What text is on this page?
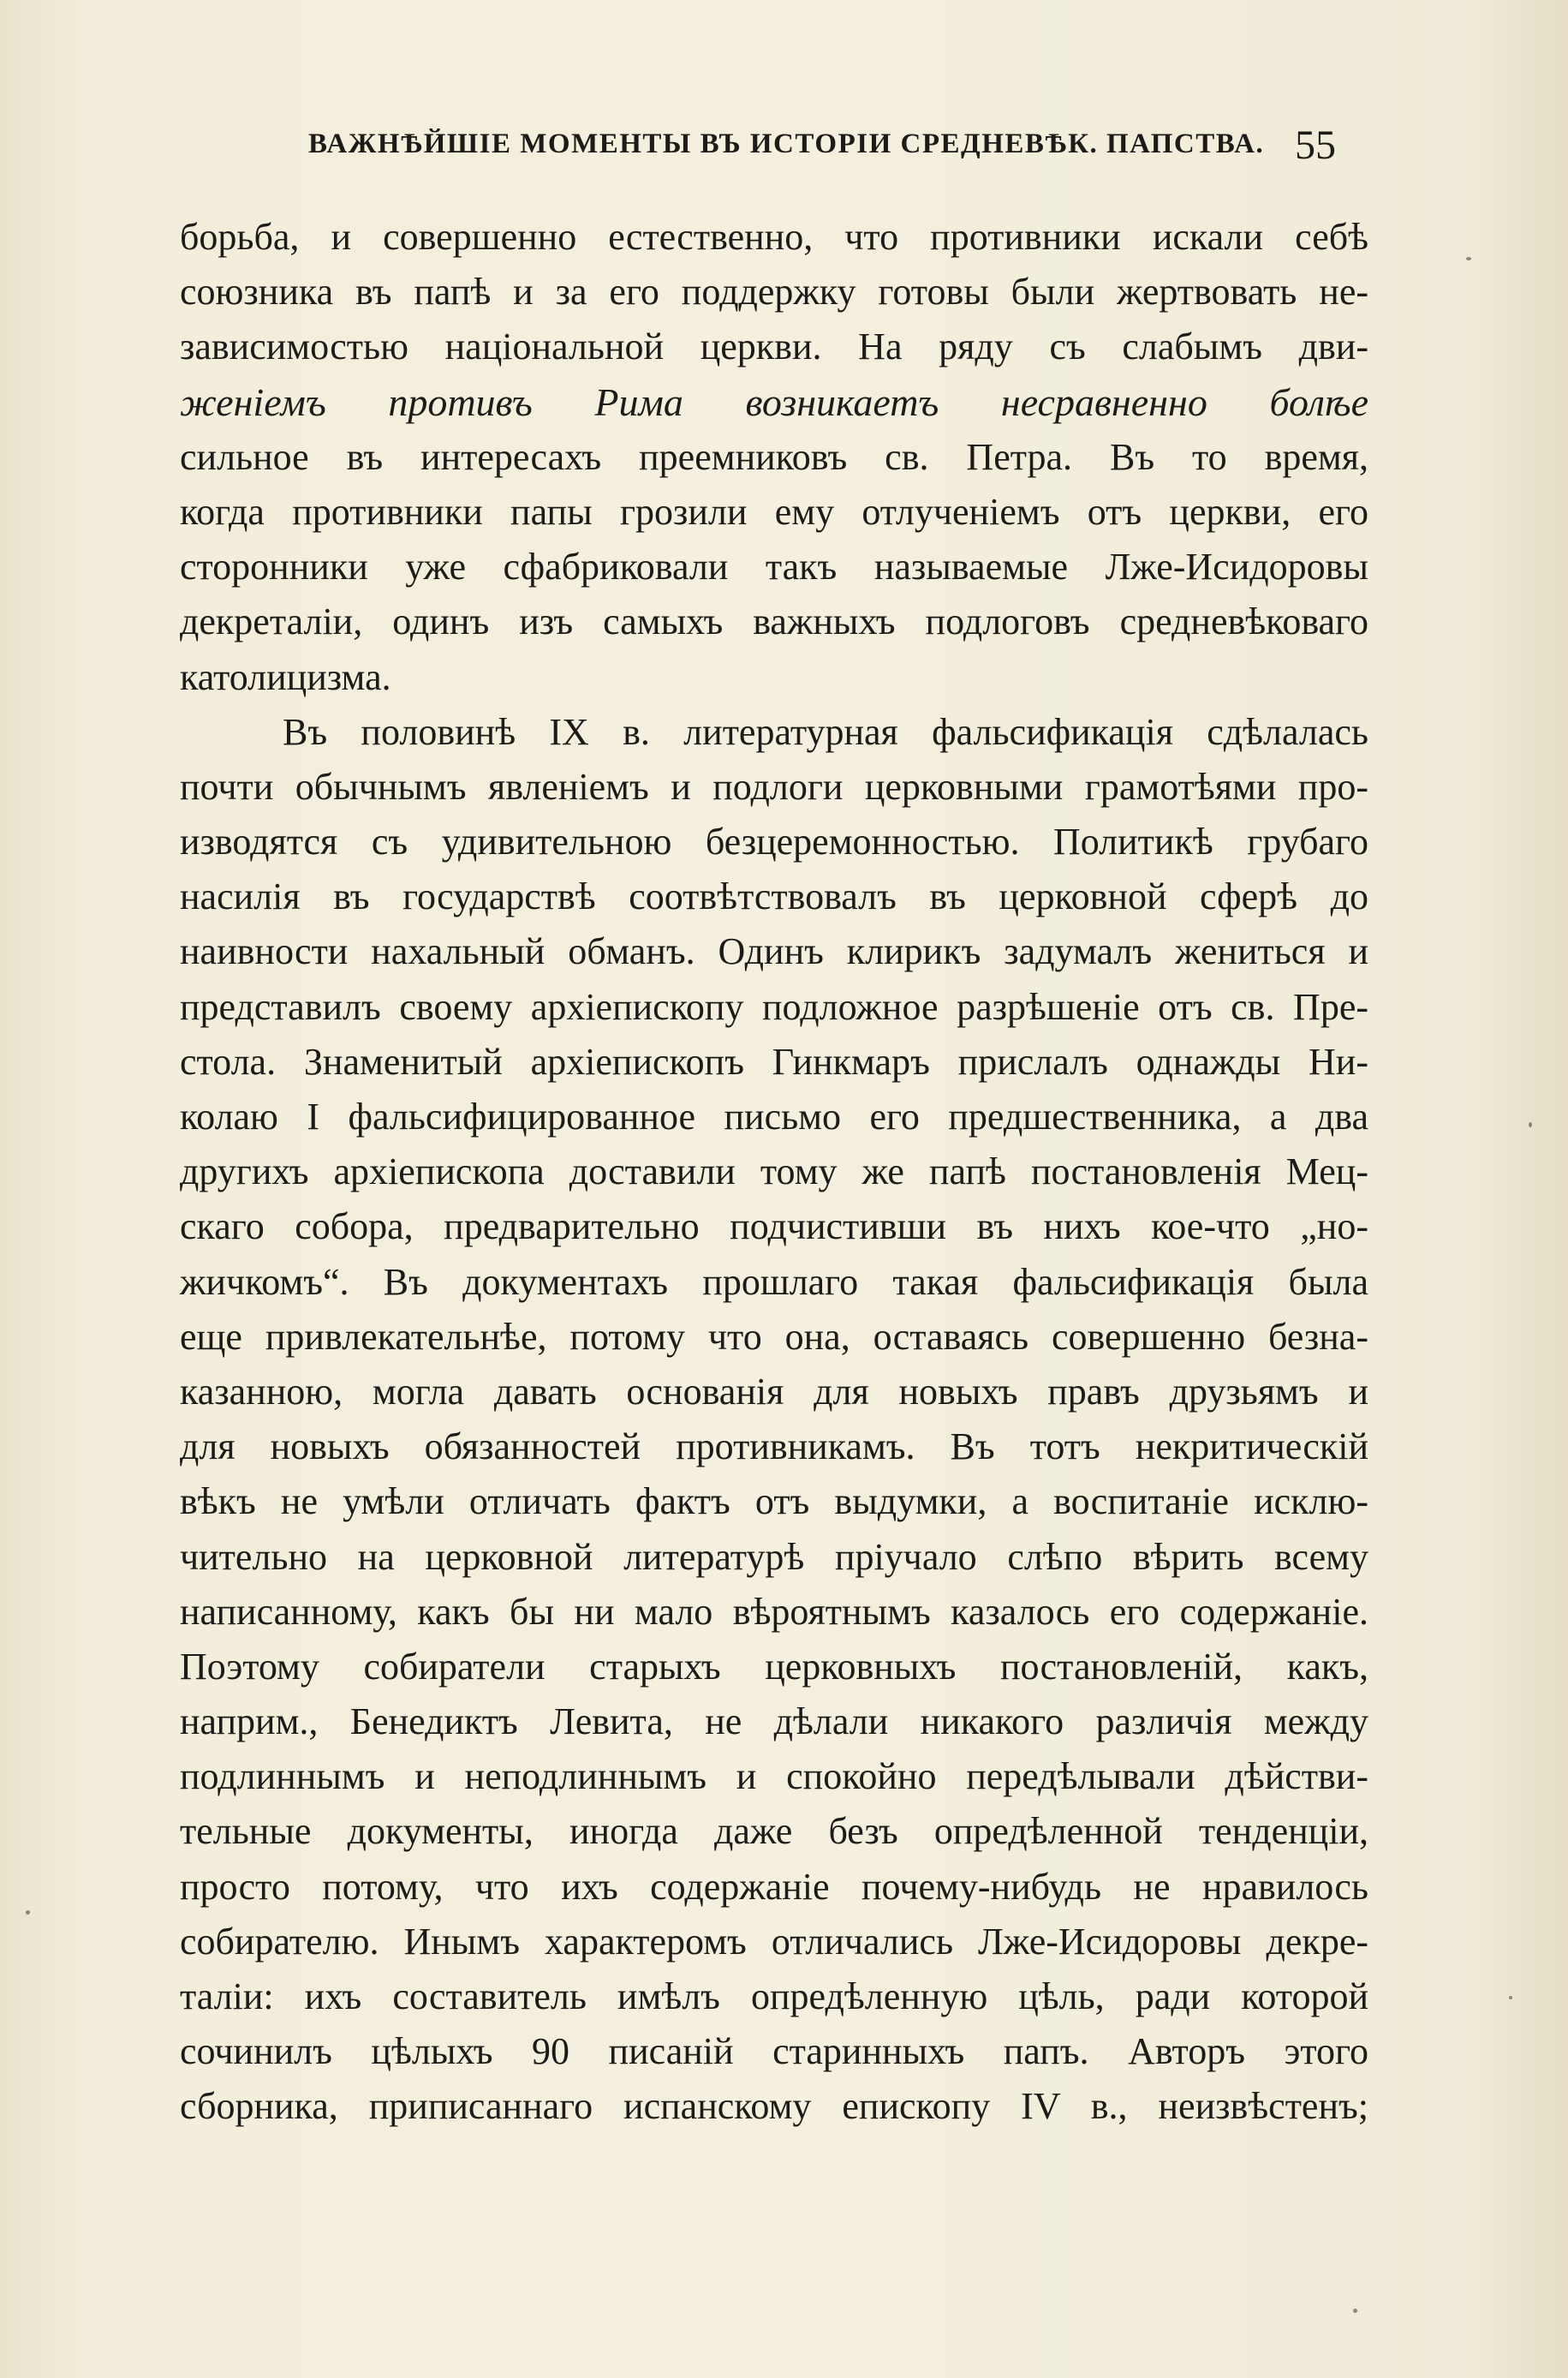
ВАЖНѢЙШІЕ МОМЕНТЫ ВЪ ИСТОРІИ СРЕДНЕВѢК. ПАПСТВА. 55
борьба, и совершенно естественно, что противники искали себѣ
союзника въ папѣ и за его поддержку готовы были жертвовать не-
зависимостью національной церкви. На ряду съ слабымъ дви-
женіемъ противъ Рима возникаетъ несравненно болѣе
сильное въ интересахъ преемниковъ св. Петра. Въ то время,
когда противники папы грозили ему отлученіемъ отъ церкви, его
сторонники уже сфабриковали такъ называемые Лже-Исидоровы
декреталіи, одинъ изъ самыхъ важныхъ подлоговъ средневѣковаго
католицизма.
Въ половинѣ IX в. литературная фальсификація сдѣлалась
почти обычнымъ явленіемъ и подлоги церковными грамотѣями про-
изводятся съ удивительною безцеремонностью. Политикѣ грубаго
насилія въ государствѣ соотвѣтствовалъ въ церковной сферѣ до
наивности нахальный обманъ. Одинъ клирикъ задумалъ жениться и
представилъ своему архіепископу подложное разрѣшеніе отъ св. Пре-
стола. Знаменитый архіепископъ Гинкмаръ прислалъ однажды Ни-
колаю I фальсифицированное письмо его предшественника, а два
другихъ архіепископа доставили тому же папѣ постановленія Мец-
скаго собора, предварительно подчистивши въ нихъ кое-что „но-
жичкомъ“. Въ документахъ прошлаго такая фальсификація была
еще привлекательнѣе, потому что она, оставаясь совершенно безна-
казанною, могла давать основанія для новыхъ правъ друзьямъ и
для новыхъ обязанностей противникамъ. Въ тотъ некритическій
вѣкъ не умѣли отличать фактъ отъ выдумки, а воспитаніе исклю-
чительно на церковной литературѣ пріучало слѣпо вѣрить всему
написанному, какъ бы ни мало вѣроятнымъ казалось его содержаніе.
Поэтому собиратели старыхъ церковныхъ постановленій, какъ,
наприм., Бенедиктъ Левита, не дѣлали никакого различія между
подлиннымъ и неподлиннымъ и спокойно передѣлывали дѣйстви-
тельные документы, иногда даже безъ опредѣленной тенденціи,
просто потому, что ихъ содержаніе почему-нибудь не нравилось
собирателю. Инымъ характеромъ отличались Лже-Исидоровы декре-
таліи: ихъ составитель имѣлъ опредѣленную цѣль, ради которой
сочинилъ цѣлыхъ 90 писаній старинныхъ папъ. Авторъ этого
сборника, приписаннаго испанскому епископу IV в., неизвѣстенъ;
